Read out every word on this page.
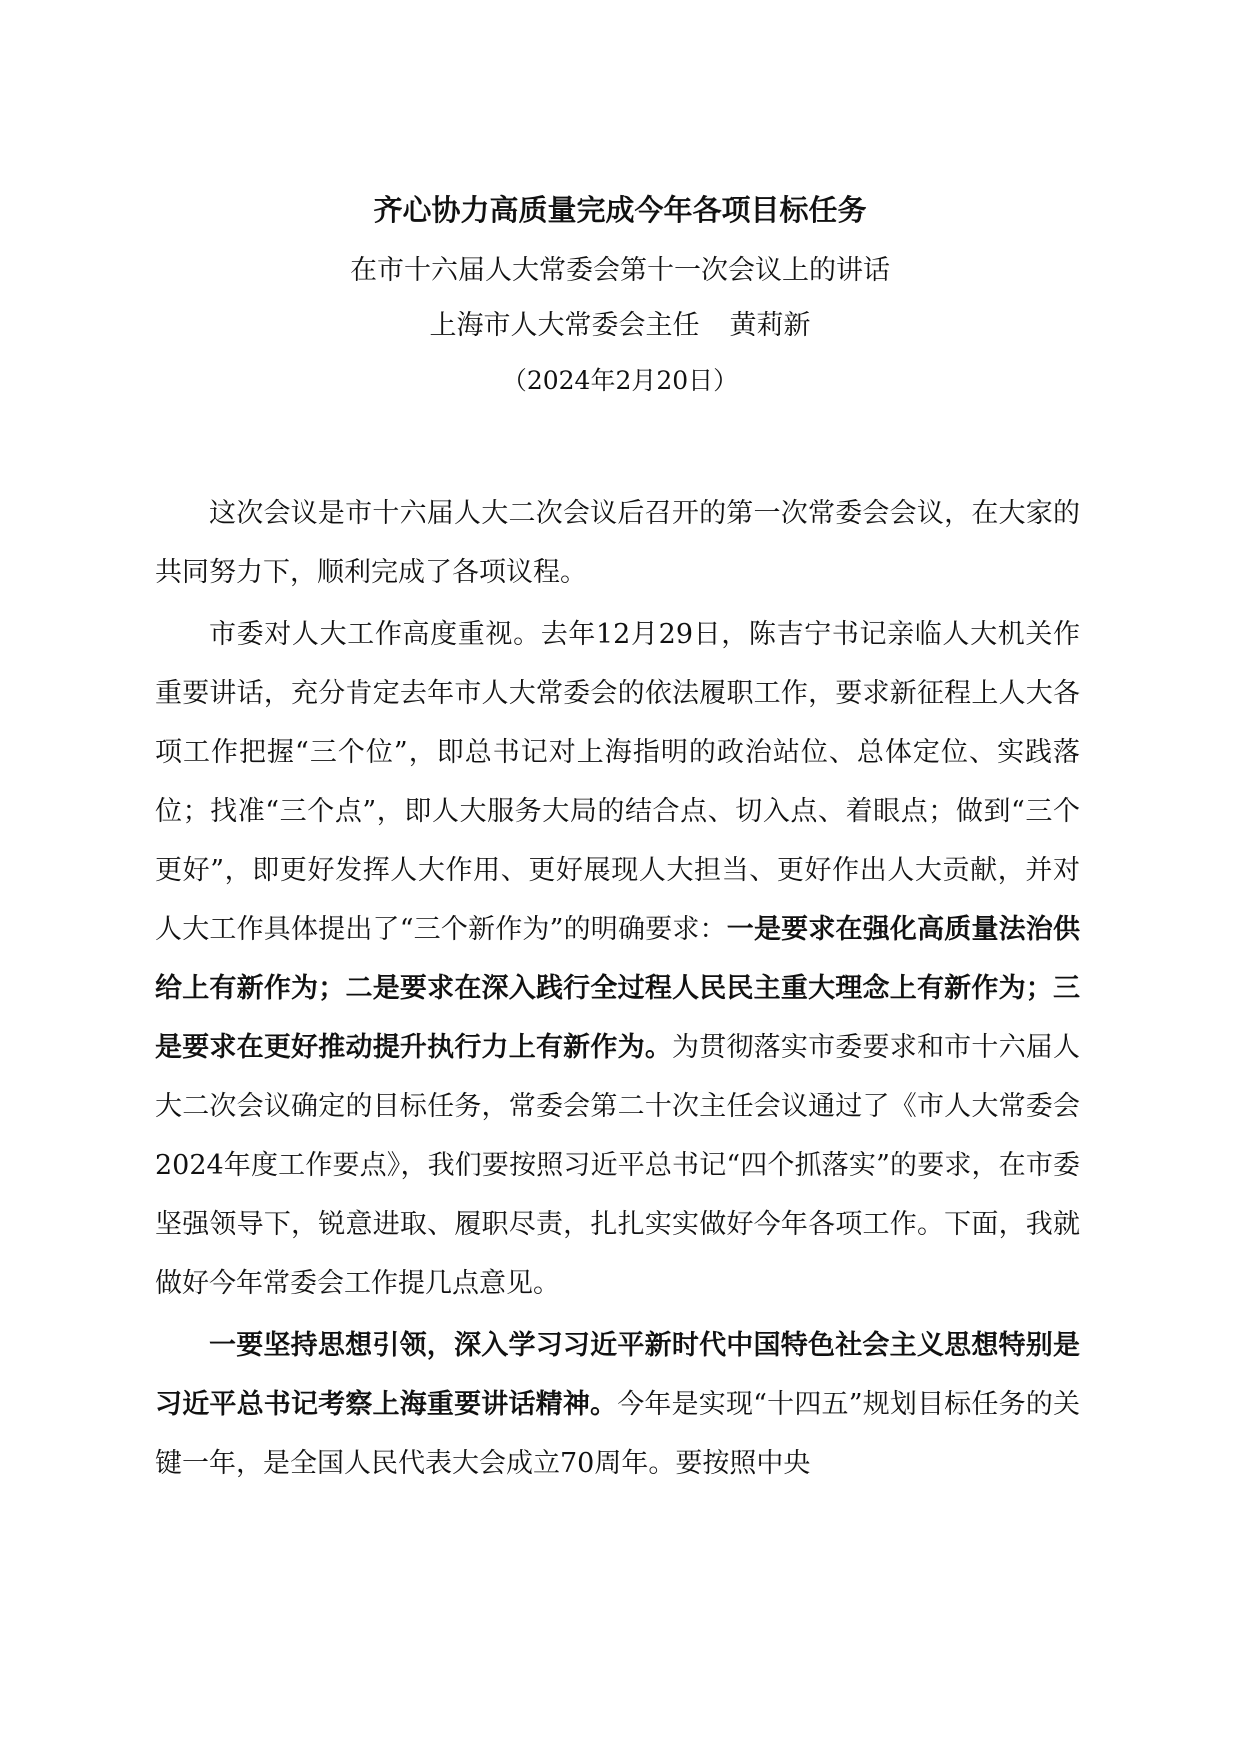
齐心协力高质量完成今年各项目标任务
在市十六届人大常委会第十一次会议上的讲话
上海市人大常委会主任 黄莉新
（2024年2月20日）

这次会议是市十六届人大二次会议后召开的第一次常委会会议，在大家的共同努力下，顺利完成了各项议程。

市委对人大工作高度重视。去年12月29日，陈吉宁书记亲临人大机关作重要讲话，充分肯定去年市人大常委会的依法履职工作，要求新征程上人大各项工作把握“三个位”，即总书记对上海指明的政治站位、总体定位、实践落位；找准“三个点”，即人大服务大局的结合点、切入点、着眼点；做到“三个更好”，即更好发挥人大作用、更好展现人大担当、更好作出人大贡献，并对人大工作具体提出了“三个新作为”的明确要求：一是要求在强化高质量法治供给上有新作为；二是要求在深入践行全过程人民民主重大理念上有新作为；三是要求在更好推动提升执行力上有新作为。为贯彻落实市委要求和市十六届人大二次会议确定的目标任务，常委会第二十次主任会议通过了《市人大常委会2024年度工作要点》，我们要按照习近平总书记“四个抓落实”的要求，在市委坚强领导下，锐意进取、履职尽责，扎扎实实做好今年各项工作。下面，我就做好今年常委会工作提几点意见。

一要坚持思想引领，深入学习习近平新时代中国特色社会主义思想特别是习近平总书记考察上海重要讲话精神。今年是实现“十四五”规划目标任务的关键一年，是全国人民代表大会成立70周年。要按照中央
